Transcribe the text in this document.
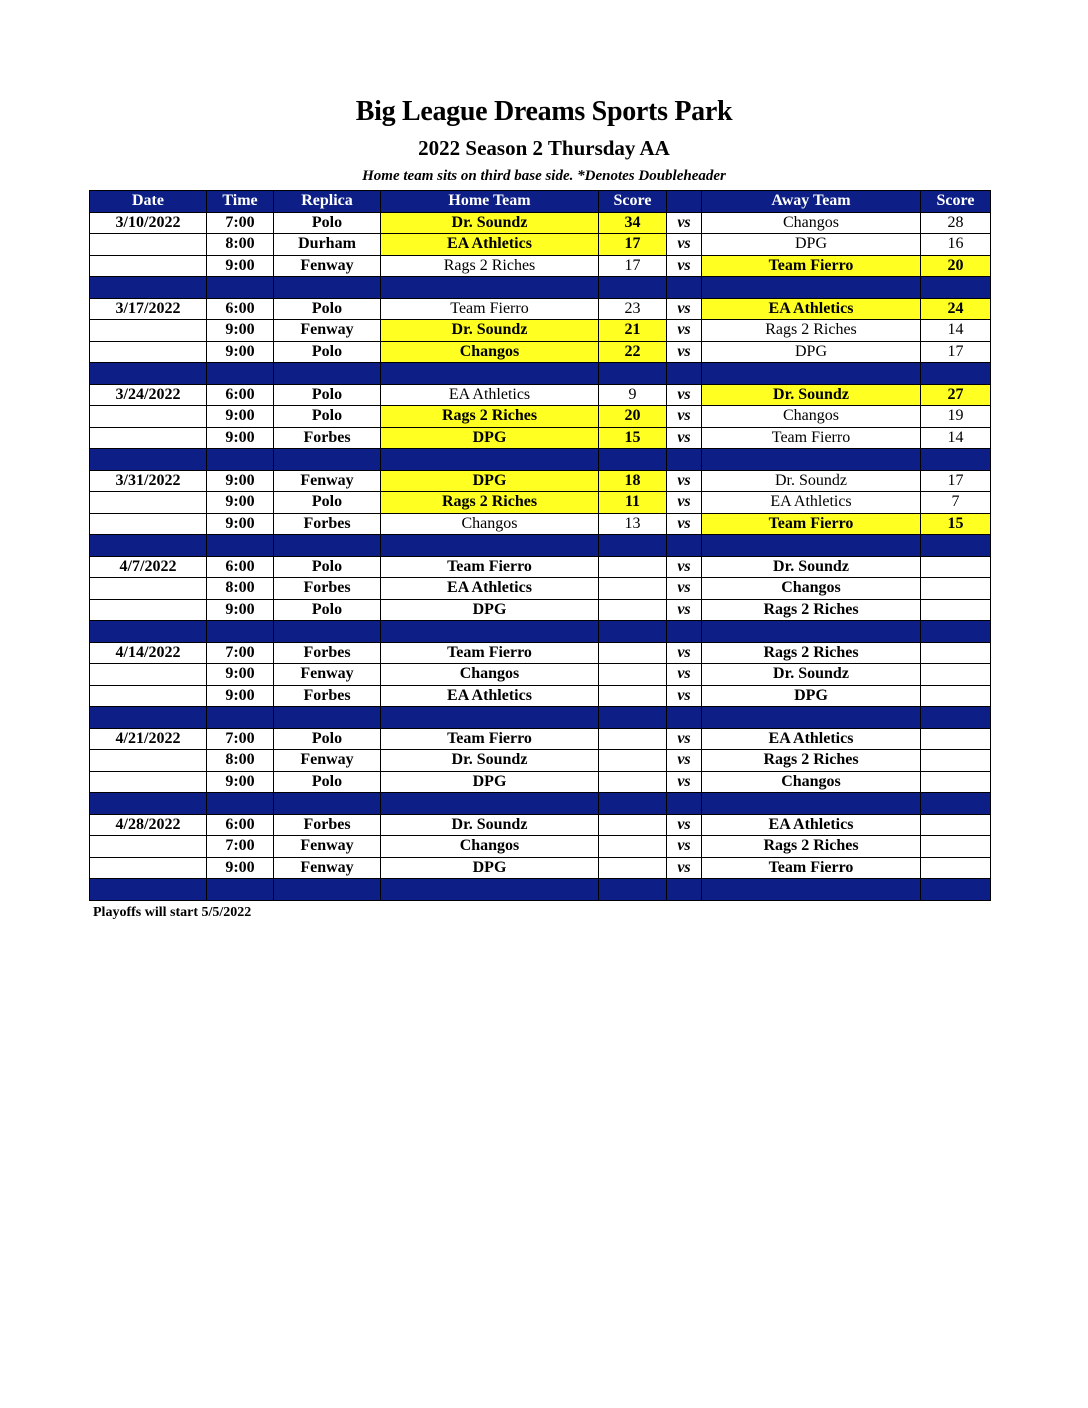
Big League Dreams Sports Park
2022 Season 2 Thursday AA
Home team sits on third base side. *Denotes Doubleheader
Date	Time	Replica	Home Team	Score		Away Team	Score
3/10/2022	7:00	Polo	Dr. Soundz	34	vs	Changos	28
	8:00	Durham	EA Athletics	17	vs	DPG	16
	9:00	Fenway	Rags 2 Riches	17	vs	Team Fierro	20

3/17/2022	6:00	Polo	Team Fierro	23	vs	EA Athletics	24
	9:00	Fenway	Dr. Soundz	21	vs	Rags 2 Riches	14
	9:00	Polo	Changos	22	vs	DPG	17

3/24/2022	6:00	Polo	EA Athletics	9	vs	Dr. Soundz	27
	9:00	Polo	Rags 2 Riches	20	vs	Changos	19
	9:00	Forbes	DPG	15	vs	Team Fierro	14

3/31/2022	9:00	Fenway	DPG	18	vs	Dr. Soundz	17
	9:00	Polo	Rags 2 Riches	11	vs	EA Athletics	7
	9:00	Forbes	Changos	13	vs	Team Fierro	15

4/7/2022	6:00	Polo	Team Fierro		vs	Dr. Soundz	
	8:00	Forbes	EA Athletics		vs	Changos	
	9:00	Polo	DPG		vs	Rags 2 Riches	

4/14/2022	7:00	Forbes	Team Fierro		vs	Rags 2 Riches	
	9:00	Fenway	Changos		vs	Dr. Soundz	
	9:00	Forbes	EA Athletics		vs	DPG	

4/21/2022	7:00	Polo	Team Fierro		vs	EA Athletics	
	8:00	Fenway	Dr. Soundz		vs	Rags 2 Riches	
	9:00	Polo	DPG		vs	Changos	

4/28/2022	6:00	Forbes	Dr. Soundz		vs	EA Athletics	
	7:00	Fenway	Changos		vs	Rags 2 Riches	
	9:00	Fenway	DPG		vs	Team Fierro	

Playoffs will start 5/5/2022
